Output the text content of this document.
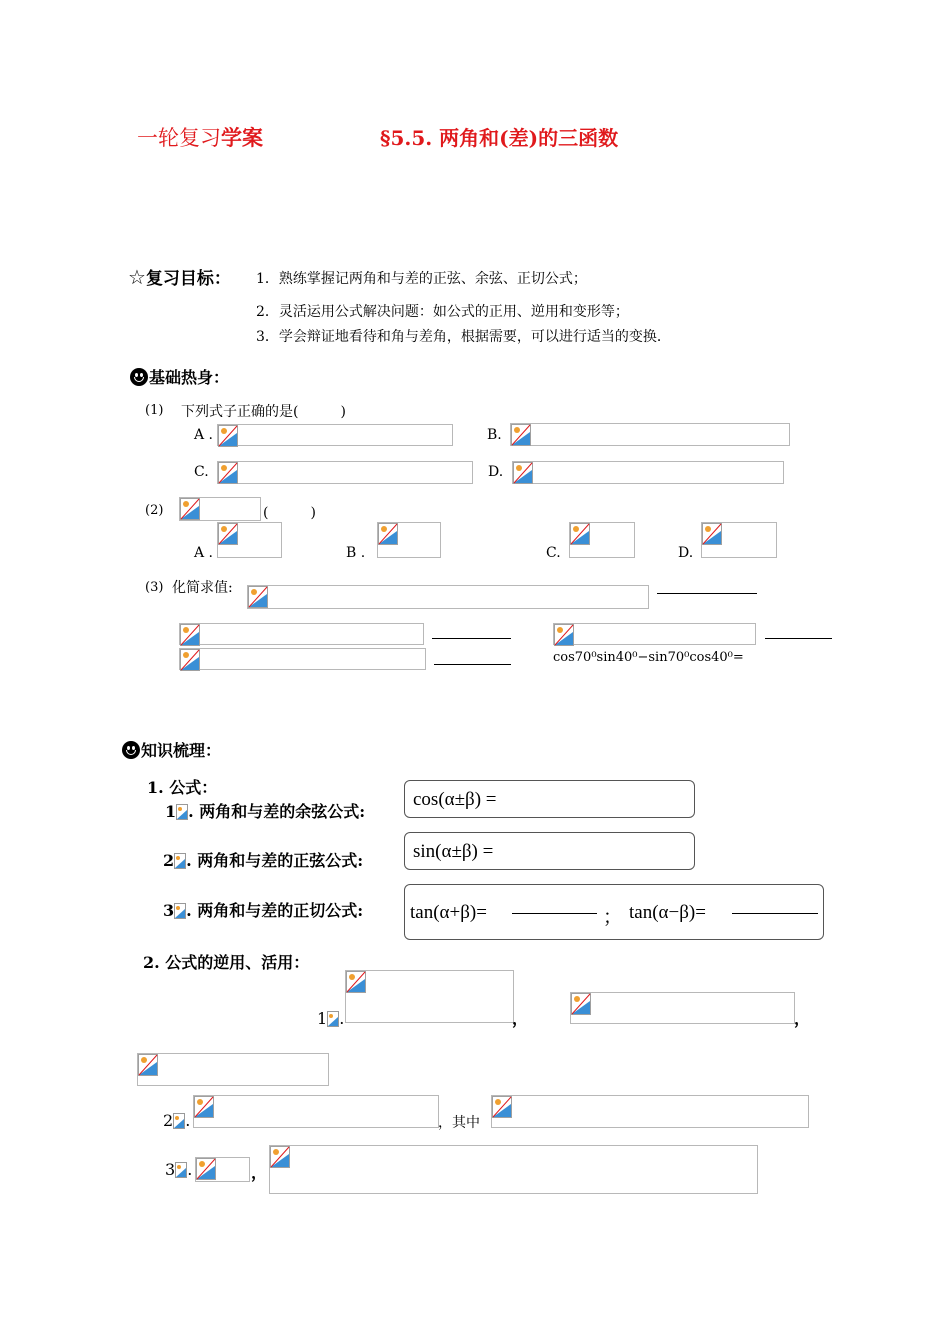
一轮复习学案	§5.5. 两角和(差)的三函数
☆复习目标： 1．熟练掌握记两角和与差的正弦、余弦、正切公式；
2．灵活运用公式解决问题：如公式的正用、逆用和变形等；
3．学会辩证地看待和角与差角，根据需要，可以进行适当的变换．
基础热身：
(1) 下列式子正确的是(　　　)
A .	B.
C.	D.
(2)	(　　　)
A .	B .	C.	D.
(3) 化简求值:
cos70⁰sin40⁰−sin70⁰cos40⁰=
知识梳理：
1. 公式：
1 . 两角和与差的余弦公式:
cos(α±β) =
2 . 两角和与差的正弦公式:	sin(α±β) =
3 . 两角和与差的正切公式: tan(α+β)=	； tan(α−β)=
2. 公式的逆用、活用：
1 .	，	，
2 .	，其中
3 .	，
